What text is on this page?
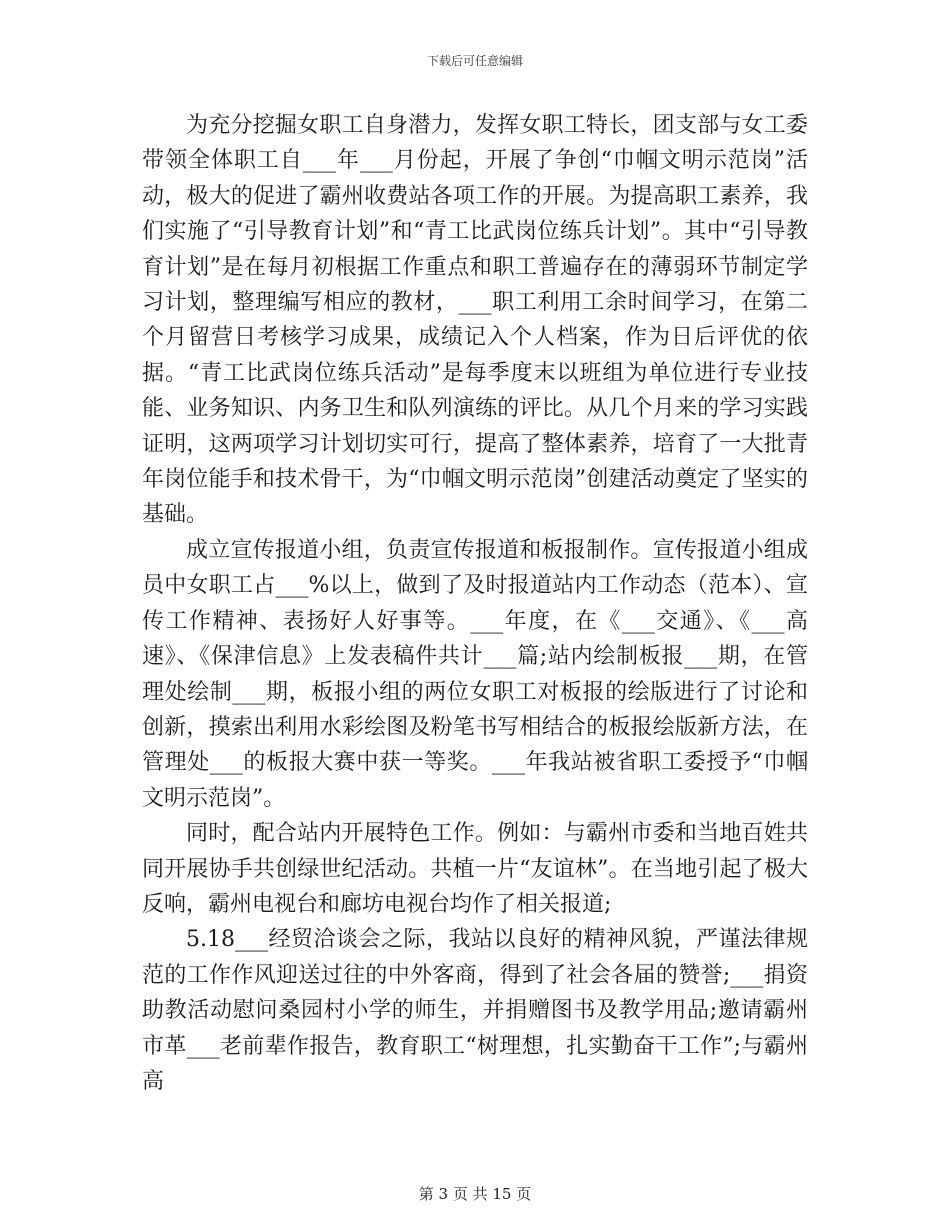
下载后可任意编辑

为充分挖掘女职工自身潜力，发挥女职工特长，团支部与女工委带领全体职工自___年___月份起，开展了争创“巾帼文明示范岗”活动，极大的促进了霸州收费站各项工作的开展。为提高职工素养，我们实施了“引导教育计划”和“青工比武岗位练兵计划”。其中“引导教育计划”是在每月初根据工作重点和职工普遍存在的薄弱环节制定学习计划，整理编写相应的教材，___职工利用工余时间学习，在第二个月留营日考核学习成果，成绩记入个人档案，作为日后评优的依据。“青工比武岗位练兵活动”是每季度末以班组为单位进行专业技能、业务知识、内务卫生和队列演练的评比。从几个月来的学习实践证明，这两项学习计划切实可行，提高了整体素养，培育了一大批青年岗位能手和技术骨干，为“巾帼文明示范岗”创建活动奠定了坚实的基础。

成立宣传报道小组，负责宣传报道和板报制作。宣传报道小组成员中女职工占___%以上，做到了及时报道站内工作动态（范本）、宣传工作精神、表扬好人好事等。___年度，在《___交通》、《___高速》、《保津信息》上发表稿件共计___篇;站内绘制板报___期，在管理处绘制___期，板报小组的两位女职工对板报的绘版进行了讨论和创新，摸索出利用水彩绘图及粉笔书写相结合的板报绘版新方法，在管理处___的板报大赛中获一等奖。___年我站被省职工委授予“巾帼文明示范岗”。

同时，配合站内开展特色工作。例如：与霸州市委和当地百姓共同开展协手共创绿世纪活动。共植一片“友谊林”。在当地引起了极大反响，霸州电视台和廊坊电视台均作了相关报道;

5.18___经贸洽谈会之际，我站以良好的精神风貌，严谨法律规范的工作作风迎送过往的中外客商，得到了社会各届的赞誉;___捐资助教活动慰问桑园村小学的师生，并捐赠图书及教学用品;邀请霸州市革___老前辈作报告，教育职工“树理想，扎实勤奋干工作”;与霸州高

第 3 页 共 15 页
